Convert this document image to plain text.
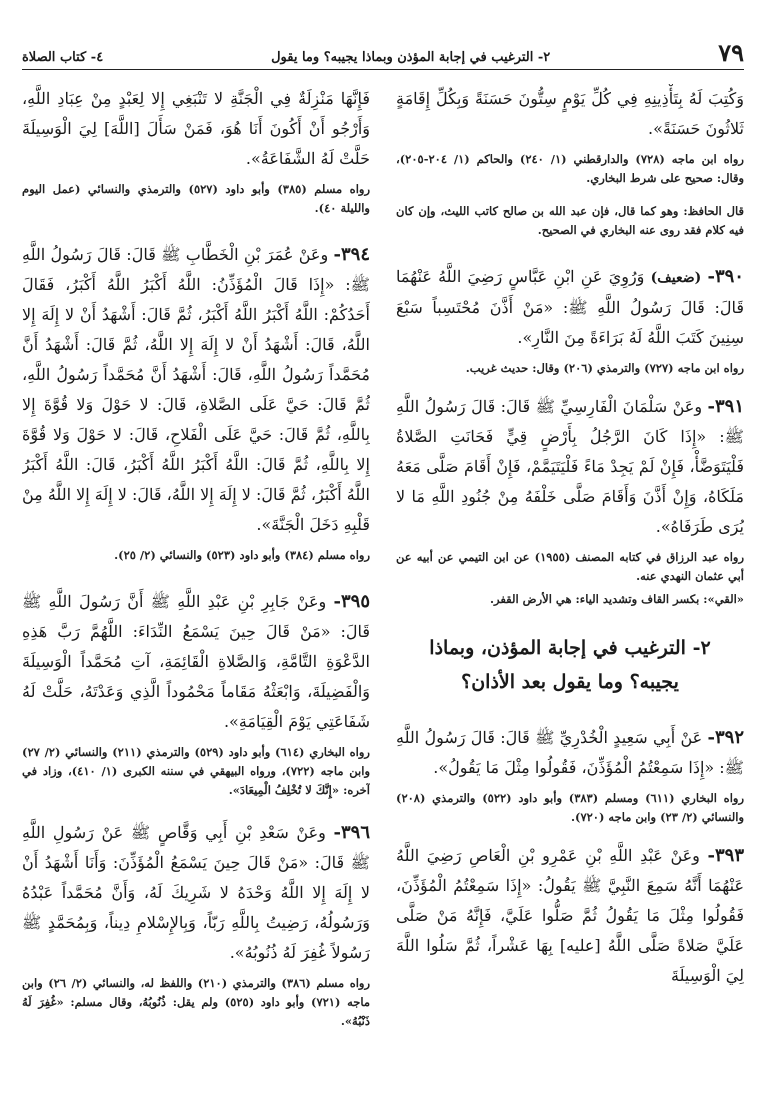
٧٩
٢- الترغيب في إجابة المؤذن وبماذا يجيبه؟ وما يقول
٤- كتاب الصلاة

وَكُتِبَ لَهُ بِتَأْذِينِهِ فِي كُلِّ يَوْمٍ سِتُّونَ حَسَنَةً وَبِكُلِّ إِقَامَةٍ ثَلاثُونَ حَسَنَةً».

رواه ابن ماجه (٧٢٨) والدارقطني (١/ ٢٤٠) والحاكم (١/ ٢٠٤-٢٠٥)، وقال: صحيح على شرط البخاري.

قال الحافظ: وهو كما قال، فإن عبد الله بن صالح كاتب الليث، وإن كان فيه كلام فقد روى عنه البخاري في الصحيح.

٣٩٠- (ضعيف) وَرُوِيَ عَنِ ابْنِ عَبَّاسٍ رَضِيَ اللَّهُ عَنْهُمَا قَالَ: قَالَ رَسُولُ اللَّهِ ﷺ: «مَنْ أَذَّنَ مُحْتَسِباً سَبْعَ سِنِينَ كَتَبَ اللَّهُ لَهُ بَرَاءَةً مِنَ النَّارِ».

رواه ابن ماجه (٧٢٧) والترمذي (٢٠٦) وقال: حديث غريب.

٣٩١- وعَنْ سَلْمَانَ الْفَارِسِيِّ ﷺ قَالَ: قَالَ رَسُولُ اللَّهِ ﷺ: «إِذَا كَانَ الرَّجُلُ بِأَرْضٍ قِيٍّ فَحَانَتِ الصَّلاةُ فَلْيَتَوَضَّأْ، فَإِنْ لَمْ يَجِدْ مَاءً فَلْيَتَيَمَّمْ، فَإِنْ أَقَامَ صَلَّى مَعَهُ مَلَكَاهُ، وَإِنْ أَذَّنَ وَأَقَامَ صَلَّى خَلْفَهُ مِنْ جُنُودِ اللَّهِ مَا لا يُرَى طَرَفَاهُ».

رواه عبد الرزاق في كتابه المصنف (١٩٥٥) عن ابن التيمي عن أبيه عن أبي عثمان النهدي عنه.

«القي»: بكسر القاف وتشديد الياء: هي الأرض القفر.

٢- الترغيب في إجابة المؤذن، وبماذا يجيبه؟ وما يقول بعد الأذان؟

٣٩٢- عَنْ أَبِي سَعِيدٍ الْخُدْرِيِّ ﷺ قَالَ: قَالَ رَسُولُ اللَّهِ ﷺ: «إِذَا سَمِعْتُمُ الْمُؤَذِّنَ، فَقُولُوا مِثْلَ مَا يَقُولُ».

رواه البخاري (٦١١) ومسلم (٣٨٣) وأبو داود (٥٢٢) والترمذي (٢٠٨) والنسائي (٢/ ٢٣) وابن ماجه (٧٢٠).

٣٩٣- وعَنْ عَبْدِ اللَّهِ بْنِ عَمْرِو بْنِ الْعَاصِ رَضِيَ اللَّهُ عَنْهُمَا أَنَّهُ سَمِعَ النَّبِيَّ ﷺ يَقُولُ: «إِذَا سَمِعْتُمُ الْمُؤَذِّنَ، فَقُولُوا مِثْلَ مَا يَقُولُ ثُمَّ صَلُّوا عَلَيَّ، فَإِنَّهُ مَنْ صَلَّى عَلَيَّ صَلاةً صَلَّى اللَّهُ [عليه] بِهَا عَشْراً، ثُمَّ سَلُوا اللَّهَ لِيَ الْوَسِيلَةَ

فَإِنَّهَا مَنْزِلَةٌ فِي الْجَنَّةِ لا تَنْبَغِي إِلا لِعَبْدٍ مِنْ عِبَادِ اللَّهِ، وَأَرْجُو أَنْ أَكُونَ أَنَا هُوَ، فَمَنْ سَأَلَ [اللَّهَ] لِيَ الْوَسِيلَةَ حَلَّتْ لَهُ الشَّفَاعَةُ».

رواه مسلم (٣٨٥) وأبو داود (٥٢٧) والترمذي والنسائي (عمل اليوم والليلة ٤٠).

٣٩٤- وعَنْ عُمَرَ بْنِ الْخَطَّابِ ﷺ قَالَ: قَالَ رَسُولُ اللَّهِ ﷺ: «إِذَا قَالَ الْمُؤَذِّنُ: اللَّهُ أَكْبَرُ اللَّهُ أَكْبَرُ، فَقَالَ أَحَدُكُمْ: اللَّهُ أَكْبَرُ اللَّهُ أَكْبَرُ، ثُمَّ قَالَ: أَشْهَدُ أَنْ لا إِلَهَ إِلا اللَّهُ، قَالَ: أَشْهَدُ أَنْ لا إِلَهَ إِلا اللَّهُ، ثُمَّ قَالَ: أَشْهَدُ أَنَّ مُحَمَّداً رَسُولُ اللَّهِ، قَالَ: أَشْهَدُ أَنَّ مُحَمَّداً رَسُولُ اللَّهِ، ثُمَّ قَالَ: حَيَّ عَلَى الصَّلاةِ، قَالَ: لا حَوْلَ وَلا قُوَّةَ إِلا بِاللَّهِ، ثُمَّ قَالَ: حَيَّ عَلَى الْفَلاحِ، قَالَ: لا حَوْلَ وَلا قُوَّةَ إِلا بِاللَّهِ، ثُمَّ قَالَ: اللَّهُ أَكْبَرُ اللَّهُ أَكْبَرُ، قَالَ: اللَّهُ أَكْبَرُ اللَّهُ أَكْبَرُ، ثُمَّ قَالَ: لا إِلَهَ إِلا اللَّهُ، قَالَ: لا إِلَهَ إِلا اللَّهُ مِنْ قَلْبِهِ دَخَلَ الْجَنَّةَ».

رواه مسلم (٣٨٤) وأبو داود (٥٢٣) والنسائي (٢/ ٢٥).

٣٩٥- وعَنْ جَابِرِ بْنِ عَبْدِ اللَّهِ ﷺ أَنَّ رَسُولَ اللَّهِ ﷺ قَالَ: «مَنْ قَالَ حِينَ يَسْمَعُ النِّدَاءَ: اللَّهُمَّ رَبَّ هَذِهِ الدَّعْوَةِ التَّامَّةِ، وَالصَّلاةِ الْقَائِمَةِ، آتِ مُحَمَّداً الْوَسِيلَةَ وَالْفَضِيلَةَ، وَابْعَثْهُ مَقَاماً مَحْمُوداً الَّذِي وَعَدْتَهُ، حَلَّتْ لَهُ شَفَاعَتِي يَوْمَ الْقِيَامَةِ».

رواه البخاري (٦١٤) وأبو داود (٥٢٩) والترمذي (٢١١) والنسائي (٢/ ٢٧) وابن ماجه (٧٢٢)، ورواه البيهقي في سننه الكبرى (١/ ٤١٠)، وزاد في آخره: «إِنَّكَ لا تُخْلِفُ الْمِيعَادَ».

٣٩٦- وعَنْ سَعْدِ بْنِ أَبِي وَقَّاصٍ ﷺ عَنْ رَسُولِ اللَّهِ ﷺ قَالَ: «مَنْ قَالَ حِينَ يَسْمَعُ الْمُؤَذِّنَ: وَأَنَا أَشْهَدُ أَنْ لا إِلَهَ إِلا اللَّهُ وَحْدَهُ لا شَرِيكَ لَهُ، وَأَنَّ مُحَمَّداً عَبْدُهُ وَرَسُولُهُ، رَضِيتُ بِاللَّهِ رَبّاً، وَبِالإِسْلامِ دِيناً، وَبِمُحَمَّدٍ ﷺ رَسُولاً غُفِرَ لَهُ ذُنُوبُهُ».

رواه مسلم (٣٨٦) والترمذي (٢١٠) واللفظ له، والنسائي (٢/ ٢٦) وابن ماجه (٧٢١) وأبو داود (٥٢٥) ولم يقل: ذُنُوبُهُ، وقال مسلم: «غُفِرَ لَهُ ذَنْبُهُ».
